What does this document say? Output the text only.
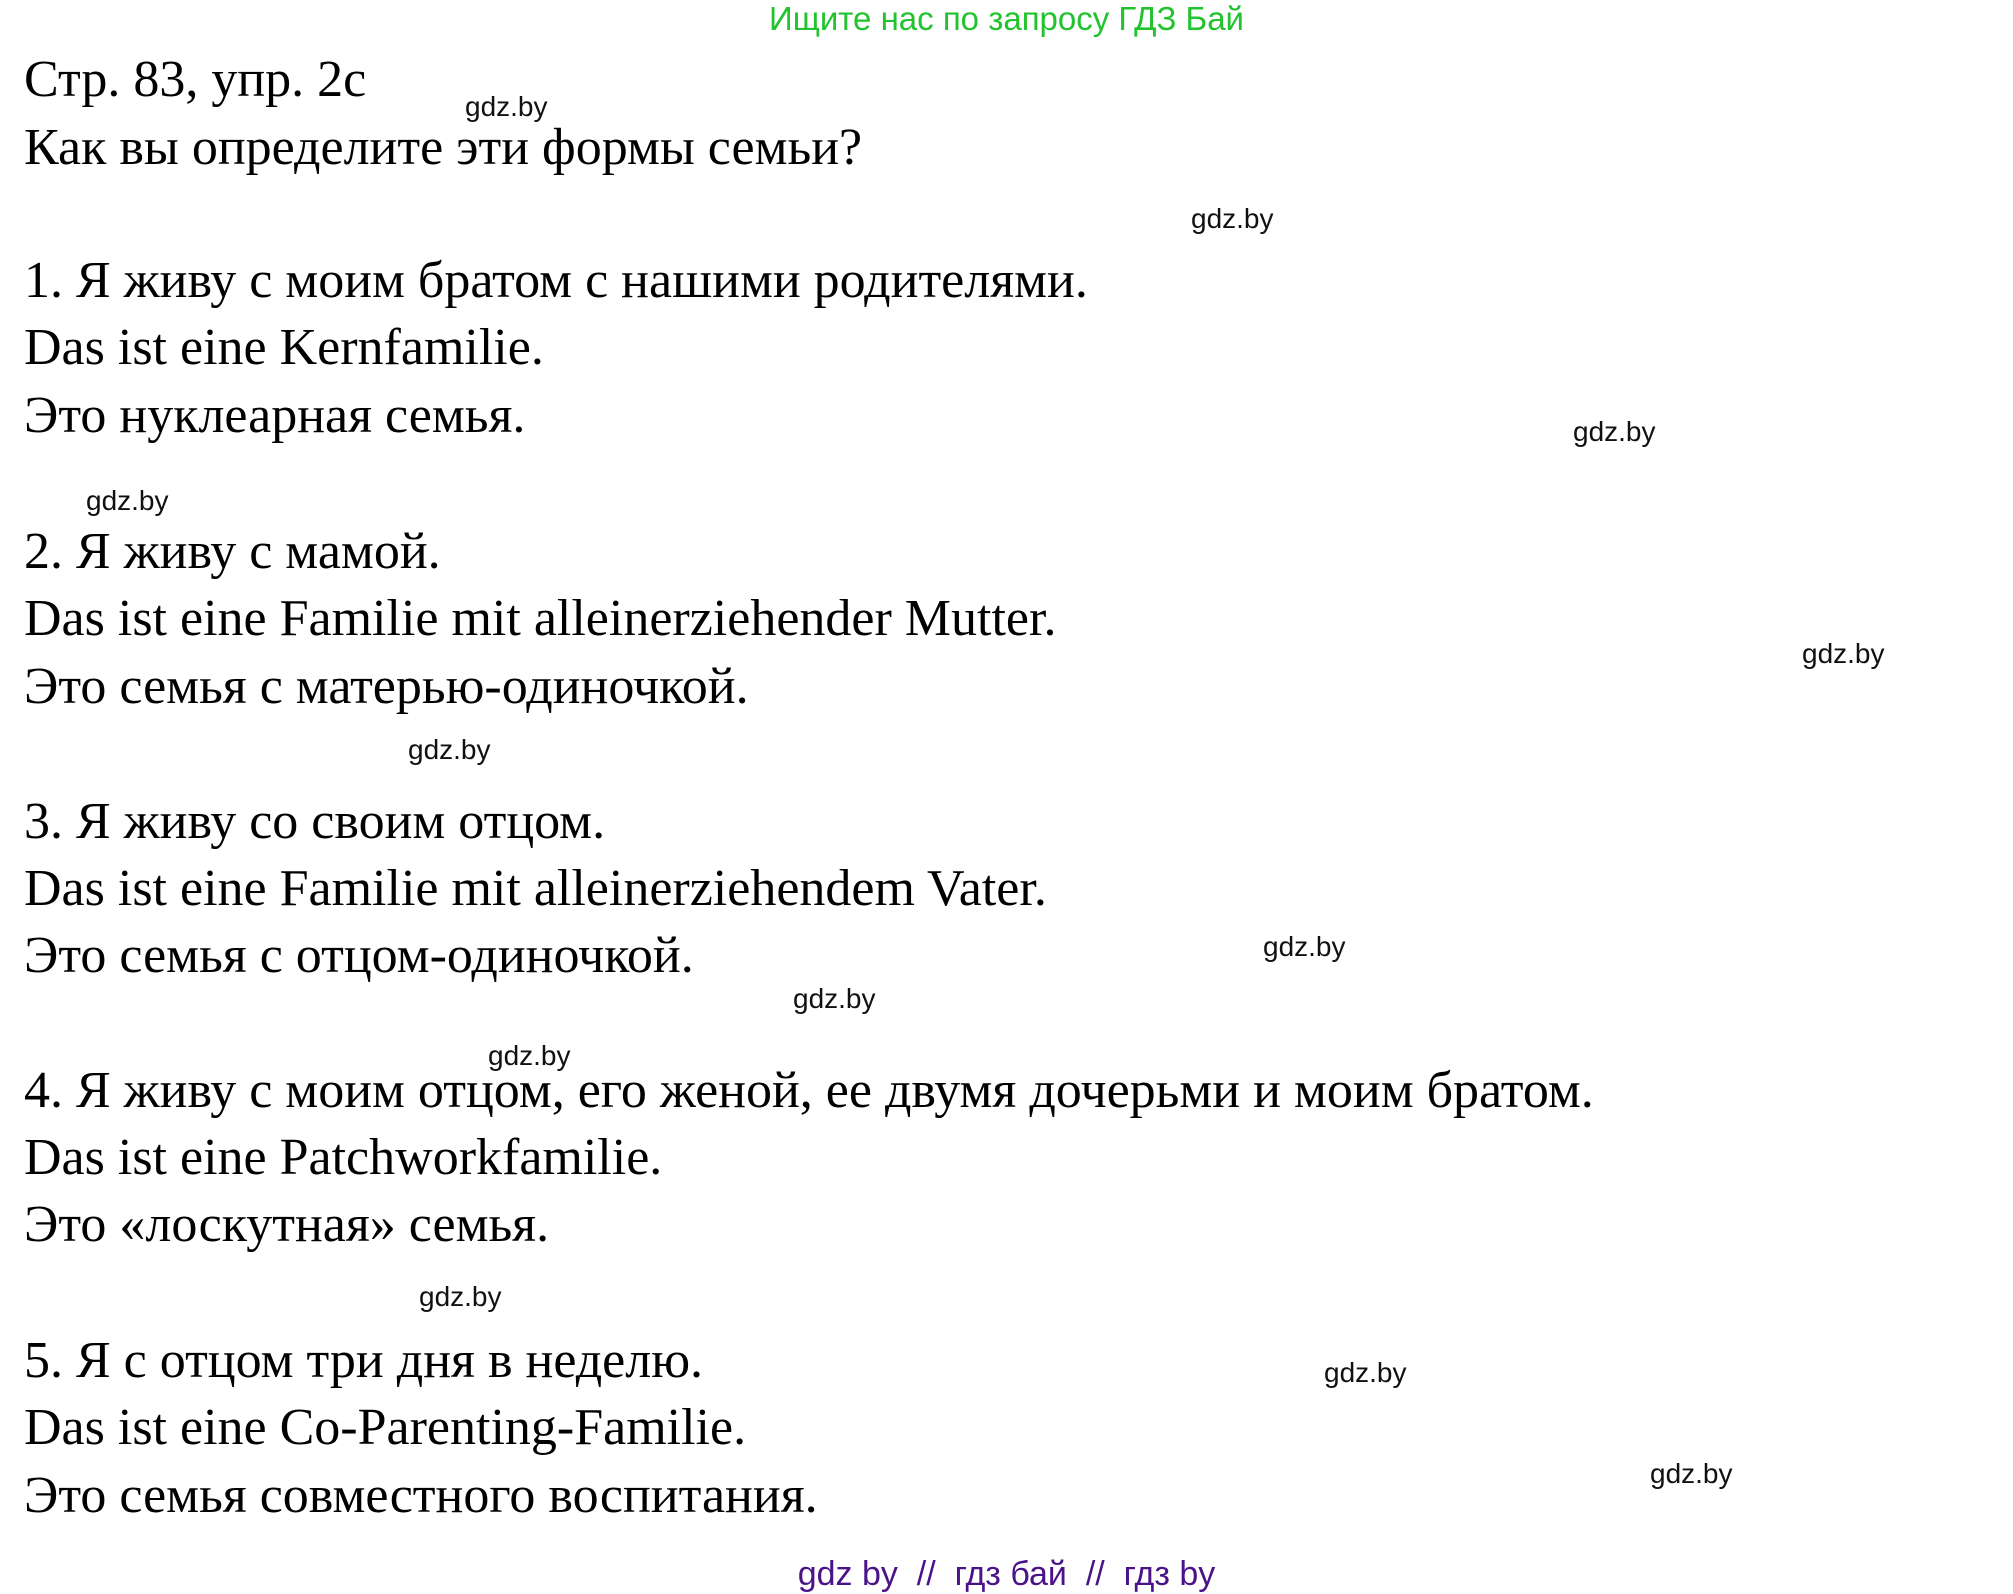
Ищите нас по запросу ГДЗ Бай
Стр. 83, упр. 2c
Как вы определите эти формы семьи?
1. Я живу с моим братом с нашими родителями.
Das ist eine Kernfamilie.
Это нуклеарная семья.
2. Я живу с мамой.
Das ist eine Familie mit alleinerziehender Mutter.
Это семья с матерью-одиночкой.
3. Я живу со своим отцом.
Das ist eine Familie mit alleinerziehendem Vater.
Это семья с отцом-одиночкой.
4. Я живу с моим отцом, его женой, ее двумя дочерьми и моим братом.
Das ist eine Patchworkfamilie.
Это «лоскутная» семья.
5. Я с отцом три дня в неделю.
Das ist eine Co-Parenting-Familie.
Это семья совместного воспитания.
gdz.by
gdz.by
gdz.by
gdz.by
gdz.by
gdz.by
gdz.by
gdz.by
gdz.by
gdz.by
gdz.by
gdz.by
gdz by  //  гдз бай  //  гдз by
